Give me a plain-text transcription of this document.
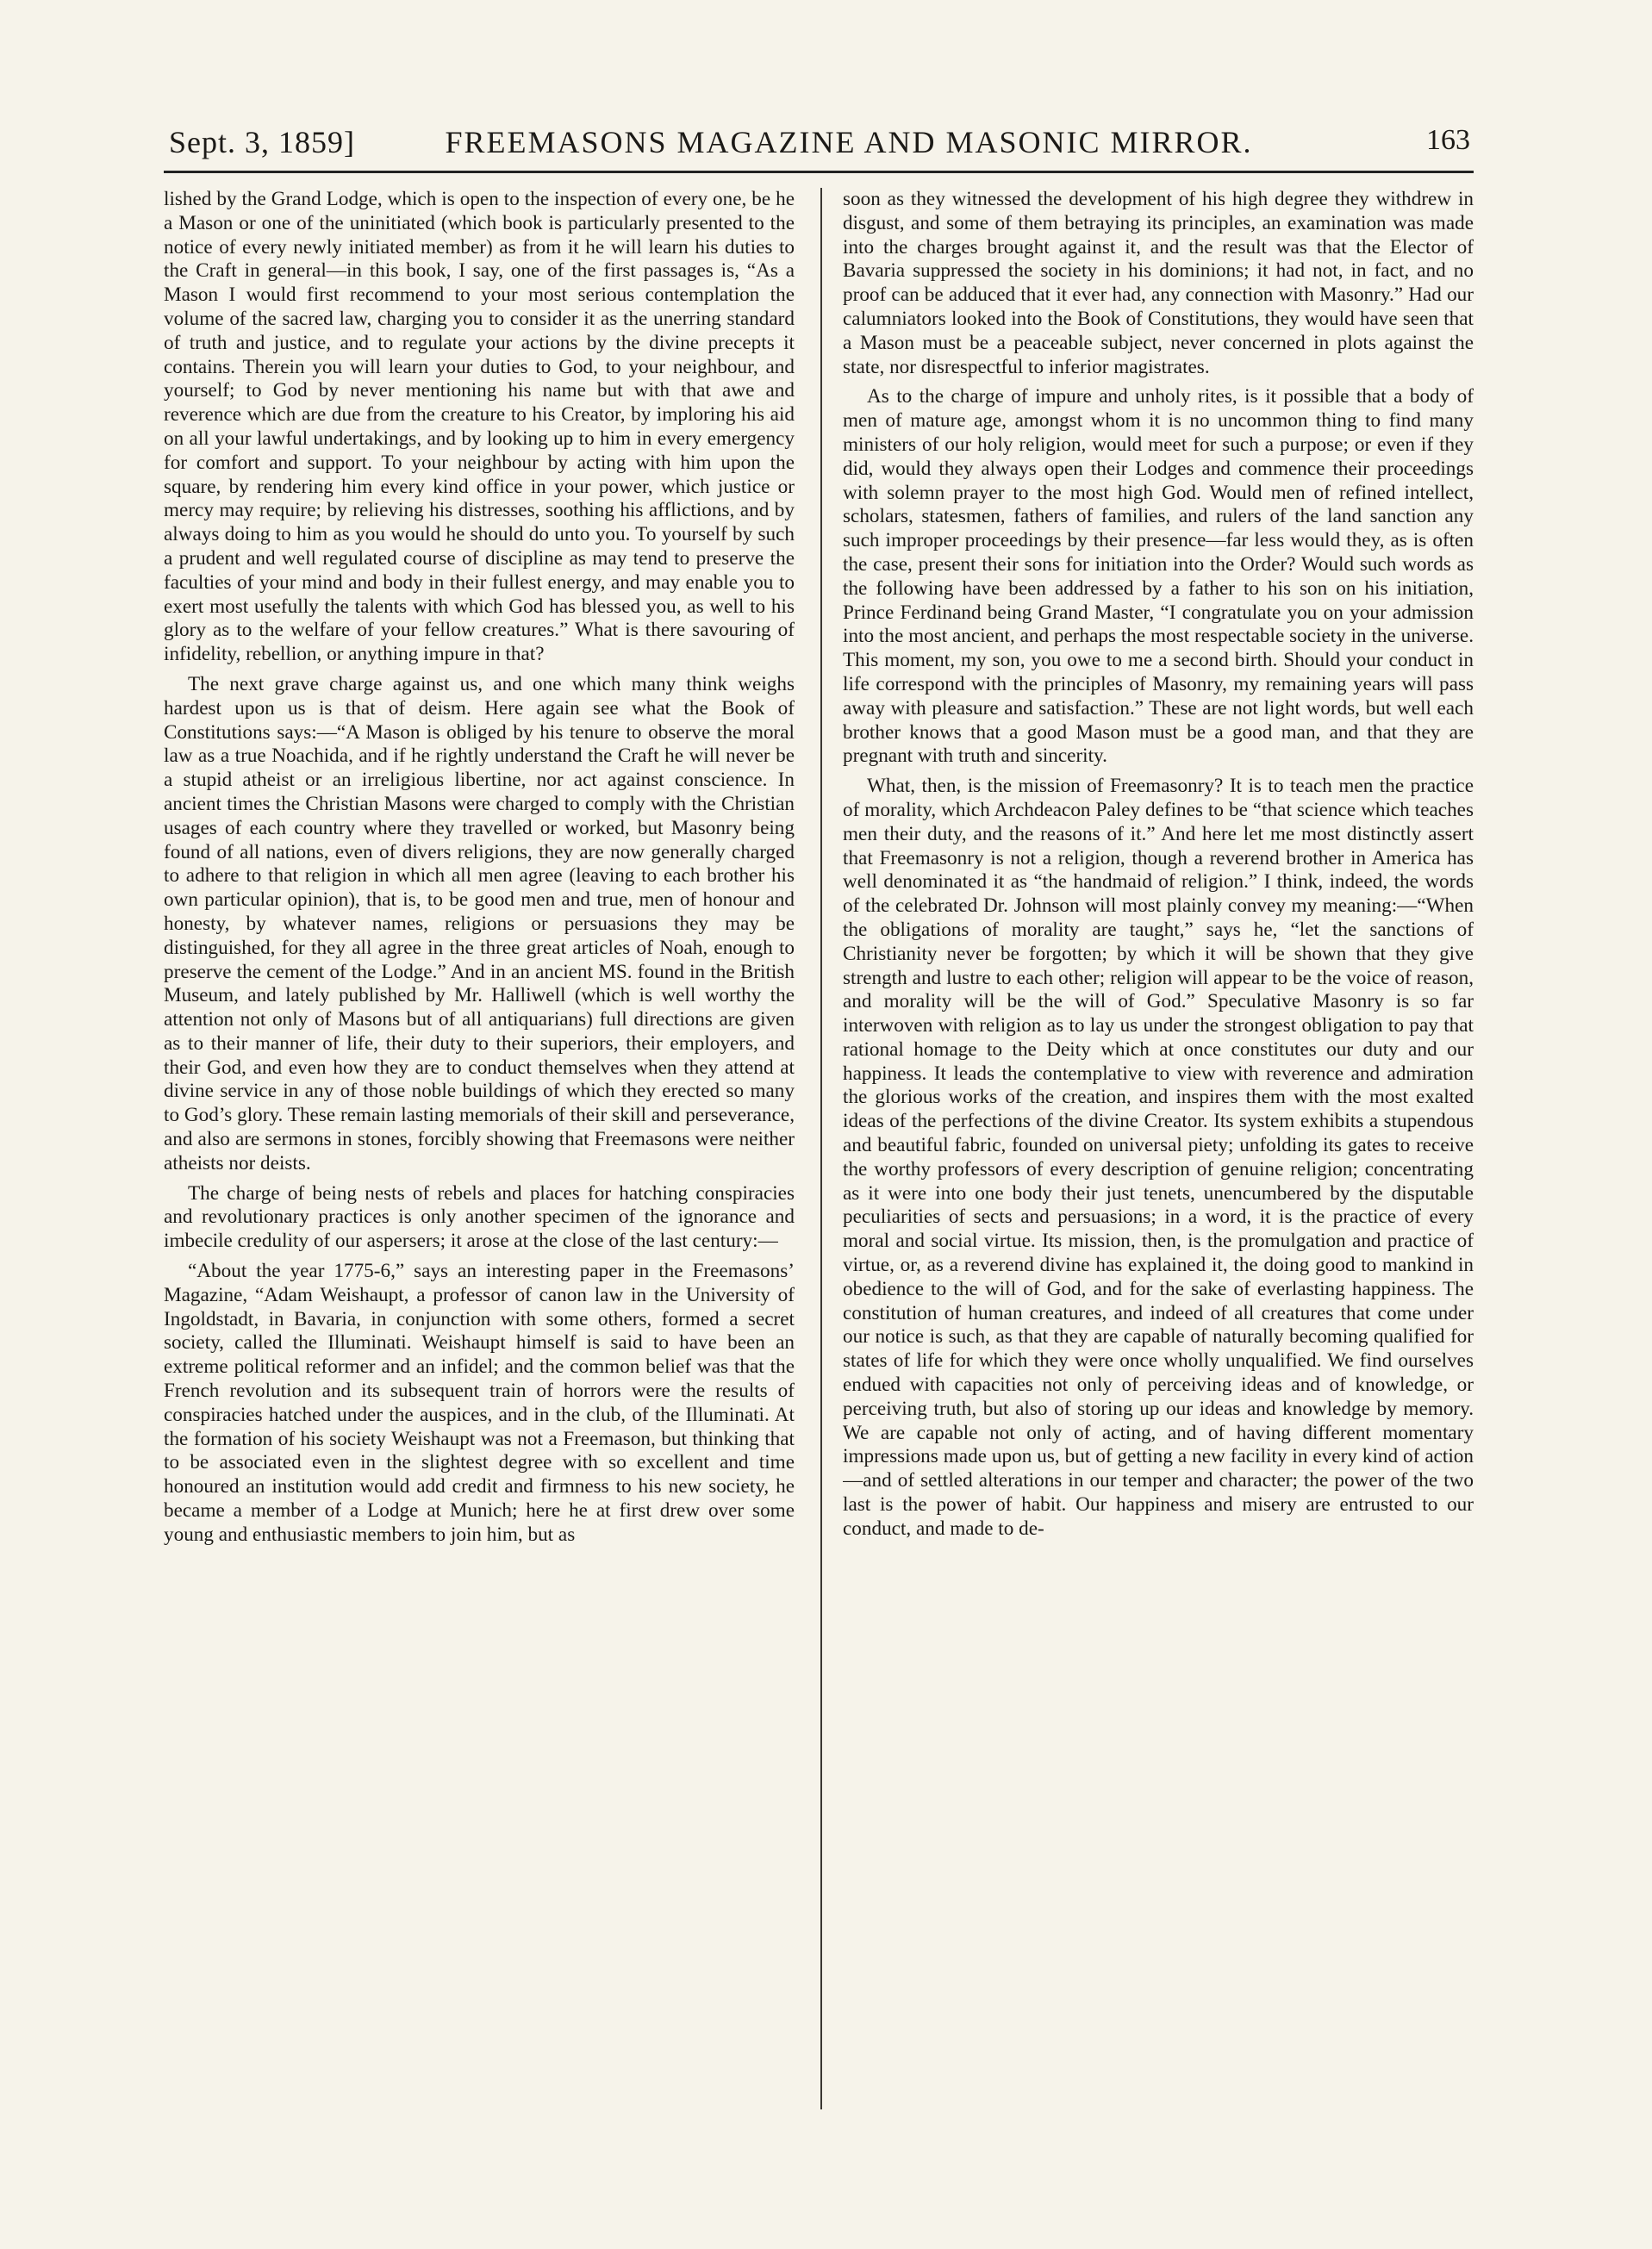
Sept. 3, 1859]	FREEMASONS MAGAZINE AND MASONIC MIRROR.	163

lished by the Grand Lodge, which is open to the inspection of every one, be he a Mason or one of the uninitiated (which book is particularly presented to the notice of every newly initiated member) as from it he will learn his duties to the Craft in general—in this book, I say, one of the first passages is, “As a Mason I would first recommend to your most serious contemplation the volume of the sacred law, charging you to consider it as the unerring standard of truth and justice, and to regulate your actions by the divine precepts it contains. Therein you will learn your duties to God, to your neighbour, and yourself; to God by never mentioning his name but with that awe and reverence which are due from the creature to his Creator, by imploring his aid on all your lawful undertakings, and by looking up to him in every emergency for comfort and support. To your neighbour by acting with him upon the square, by rendering him every kind office in your power, which justice or mercy may require; by relieving his distresses, soothing his afflictions, and by always doing to him as you would he should do unto you. To yourself by such a prudent and well regulated course of discipline as may tend to preserve the faculties of your mind and body in their fullest energy, and may enable you to exert most usefully the talents with which God has blessed you, as well to his glory as to the welfare of your fellow creatures.” What is there savouring of infidelity, rebellion, or anything impure in that?

The next grave charge against us, and one which many think weighs hardest upon us is that of deism. Here again see what the Book of Constitutions says:—“A Mason is obliged by his tenure to observe the moral law as a true Noachida, and if he rightly understand the Craft he will never be a stupid atheist or an irreligious libertine, nor act against conscience. In ancient times the Christian Masons were charged to comply with the Christian usages of each country where they travelled or worked, but Masonry being found of all nations, even of divers religions, they are now generally charged to adhere to that religion in which all men agree (leaving to each brother his own particular opinion), that is, to be good men and true, men of honour and honesty, by whatever names, religions or persuasions they may be distinguished, for they all agree in the three great articles of Noah, enough to preserve the cement of the Lodge.” And in an ancient MS. found in the British Museum, and lately published by Mr. Halliwell (which is well worthy the attention not only of Masons but of all antiquarians) full directions are given as to their manner of life, their duty to their superiors, their employers, and their God, and even how they are to conduct themselves when they attend at divine service in any of those noble buildings of which they erected so many to God’s glory. These remain lasting memorials of their skill and perseverance, and also are sermons in stones, forcibly showing that Freemasons were neither atheists nor deists.

The charge of being nests of rebels and places for hatching conspiracies and revolutionary practices is only another specimen of the ignorance and imbecile credulity of our aspersers; it arose at the close of the last century:—

“About the year 1775-6,” says an interesting paper in the Freemasons’ Magazine, “Adam Weishaupt, a professor of canon law in the University of Ingoldstadt, in Bavaria, in conjunction with some others, formed a secret society, called the Illuminati. Weishaupt himself is said to have been an extreme political reformer and an infidel; and the common belief was that the French revolution and its subsequent train of horrors were the results of conspiracies hatched under the auspices, and in the club, of the Illuminati. At the formation of his society Weishaupt was not a Freemason, but thinking that to be associated even in the slightest degree with so excellent and time honoured an institution would add credit and firmness to his new society, he became a member of a Lodge at Munich; here he at first drew over some young and enthusiastic members to join him, but as

soon as they witnessed the development of his high degree they withdrew in disgust, and some of them betraying its principles, an examination was made into the charges brought against it, and the result was that the Elector of Bavaria suppressed the society in his dominions; it had not, in fact, and no proof can be adduced that it ever had, any connection with Masonry.” Had our calumniators looked into the Book of Constitutions, they would have seen that a Mason must be a peaceable subject, never concerned in plots against the state, nor disrespectful to inferior magistrates.

As to the charge of impure and unholy rites, is it possible that a body of men of mature age, amongst whom it is no uncommon thing to find many ministers of our holy religion, would meet for such a purpose; or even if they did, would they always open their Lodges and commence their proceedings with solemn prayer to the most high God. Would men of refined intellect, scholars, statesmen, fathers of families, and rulers of the land sanction any such improper proceedings by their presence—far less would they, as is often the case, present their sons for initiation into the Order? Would such words as the following have been addressed by a father to his son on his initiation, Prince Ferdinand being Grand Master, “I congratulate you on your admission into the most ancient, and perhaps the most respectable society in the universe. This moment, my son, you owe to me a second birth. Should your conduct in life correspond with the principles of Masonry, my remaining years will pass away with pleasure and satisfaction.” These are not light words, but well each brother knows that a good Mason must be a good man, and that they are pregnant with truth and sincerity.

What, then, is the mission of Freemasonry? It is to teach men the practice of morality, which Archdeacon Paley defines to be “that science which teaches men their duty, and the reasons of it.” And here let me most distinctly assert that Freemasonry is not a religion, though a reverend brother in America has well denominated it as “the handmaid of religion.” I think, indeed, the words of the celebrated Dr. Johnson will most plainly convey my meaning:—“When the obligations of morality are taught,” says he, “let the sanctions of Christianity never be forgotten; by which it will be shown that they give strength and lustre to each other; religion will appear to be the voice of reason, and morality will be the will of God.” Speculative Masonry is so far interwoven with religion as to lay us under the strongest obligation to pay that rational homage to the Deity which at once constitutes our duty and our happiness. It leads the contemplative to view with reverence and admiration the glorious works of the creation, and inspires them with the most exalted ideas of the perfections of the divine Creator. Its system exhibits a stupendous and beautiful fabric, founded on universal piety; unfolding its gates to receive the worthy professors of every description of genuine religion; concentrating as it were into one body their just tenets, unencumbered by the disputable peculiarities of sects and persuasions; in a word, it is the practice of every moral and social virtue. Its mission, then, is the promulgation and practice of virtue, or, as a reverend divine has explained it, the doing good to mankind in obedience to the will of God, and for the sake of everlasting happiness. The constitution of human creatures, and indeed of all creatures that come under our notice is such, as that they are capable of naturally becoming qualified for states of life for which they were once wholly unqualified. We find ourselves endued with capacities not only of perceiving ideas and of knowledge, or perceiving truth, but also of storing up our ideas and knowledge by memory. We are capable not only of acting, and of having different momentary impressions made upon us, but of getting a new facility in every kind of action—and of settled alterations in our temper and character; the power of the two last is the power of habit. Our happiness and misery are entrusted to our conduct, and made to de-
